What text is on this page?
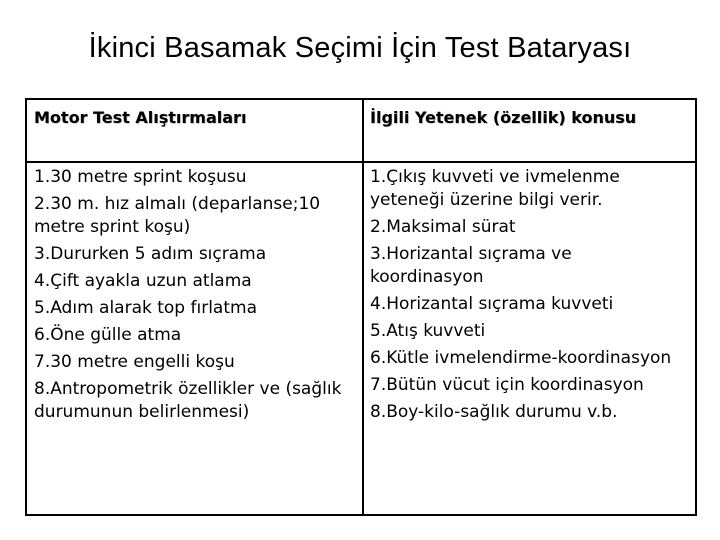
İkinci Basamak Seçimi İçin Test Bataryası
Motor Test Alıştırmaları	İlgili Yetenek (özellik) konusu
1.30 metre sprint koşusu
2.30 m. hız almalı (deparlanse;10 metre sprint koşu)
3.Dururken 5 adım sıçrama
4.Çift ayakla uzun atlama
5.Adım alarak top fırlatma
6.Öne gülle atma
7.30 metre engelli koşu
8.Antropometrik özellikler ve (sağlık durumunun belirlenmesi)
1.Çıkış kuvveti ve ivmelenme yeteneği üzerine bilgi verir.
2.Maksimal sürat
3.Horizantal sıçrama ve koordinasyon
4.Horizantal sıçrama kuvveti
5.Atış kuvveti
6.Kütle ivmelendirme-koordinasyon
7.Bütün vücut için koordinasyon
8.Boy-kilo-sağlık durumu v.b.
